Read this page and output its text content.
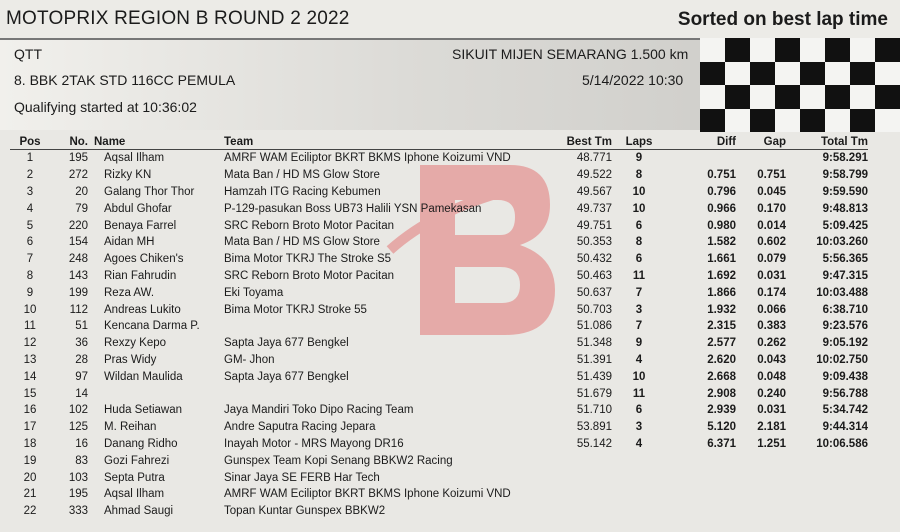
MOTOPRIX REGION B ROUND 2 2022	Sorted on best lap time
QTT	SIKUIT MIJEN SEMARANG 1.500 km
8. BBK 2TAK STD 116CC PEMULA	5/14/2022 10:30
Qualifying started at 10:36:02
Pos	No.	Name	Team	Best Tm	Laps	Diff	Gap	Total Tm
1	195	Aqsal Ilham	AMRF WAM Eciliptor BKRT BKMS Iphone Koizumi VND	48.771	9			9:58.291
2	272	Rizky KN	Mata Ban / HD MS Glow Store	49.522	8	0.751	0.751	9:58.799
3	20	Galang Thor Thor	Hamzah ITG Racing Kebumen	49.567	10	0.796	0.045	9:59.590
4	79	Abdul Ghofar	P-129-pasukan Boss UB73 Halili YSN Pamekasan	49.737	10	0.966	0.170	9:48.813
5	220	Benaya Farrel	SRC Reborn Broto Motor Pacitan	49.751	6	0.980	0.014	5:09.425
6	154	Aidan MH	Mata Ban / HD MS Glow Store	50.353	8	1.582	0.602	10:03.260
7	248	Agoes Chiken's	Bima Motor TKRJ The Stroke S5	50.432	6	1.661	0.079	5:56.365
8	143	Rian Fahrudin	SRC Reborn Broto Motor Pacitan	50.463	11	1.692	0.031	9:47.315
9	199	Reza AW.	Eki Toyama	50.637	7	1.866	0.174	10:03.488
10	112	Andreas Lukito	Bima Motor TKRJ Stroke 55	50.703	3	1.932	0.066	6:38.710
11	51	Kencana Darma P.		51.086	7	2.315	0.383	9:23.576
12	36	Rexzy Kepo	Sapta Jaya 677 Bengkel	51.348	9	2.577	0.262	9:05.192
13	28	Pras Widy	GM- Jhon	51.391	4	2.620	0.043	10:02.750
14	97	Wildan Maulida	Sapta Jaya 677 Bengkel	51.439	10	2.668	0.048	9:09.438
15	14			51.679	11	2.908	0.240	9:56.788
16	102	Huda Setiawan	Jaya Mandiri Toko Dipo Racing Team	51.710	6	2.939	0.031	5:34.742
17	125	M. Reihan	Andre Saputra Racing Jepara	53.891	3	5.120	2.181	9:44.314
18	16	Danang Ridho	Inayah Motor - MRS Mayong DR16	55.142	4	6.371	1.251	10:06.586
19	83	Gozi Fahrezi	Gunspex Team Kopi Senang BBKW2 Racing					
20	103	Septa Putra	Sinar Jaya SE FERB Har Tech					
21	195	Aqsal Ilham	AMRF WAM Eciliptor BKRT BKMS Iphone Koizumi VND					
22	333	Ahmad Saugi	Topan Kuntar Gunspex BBKW2					
